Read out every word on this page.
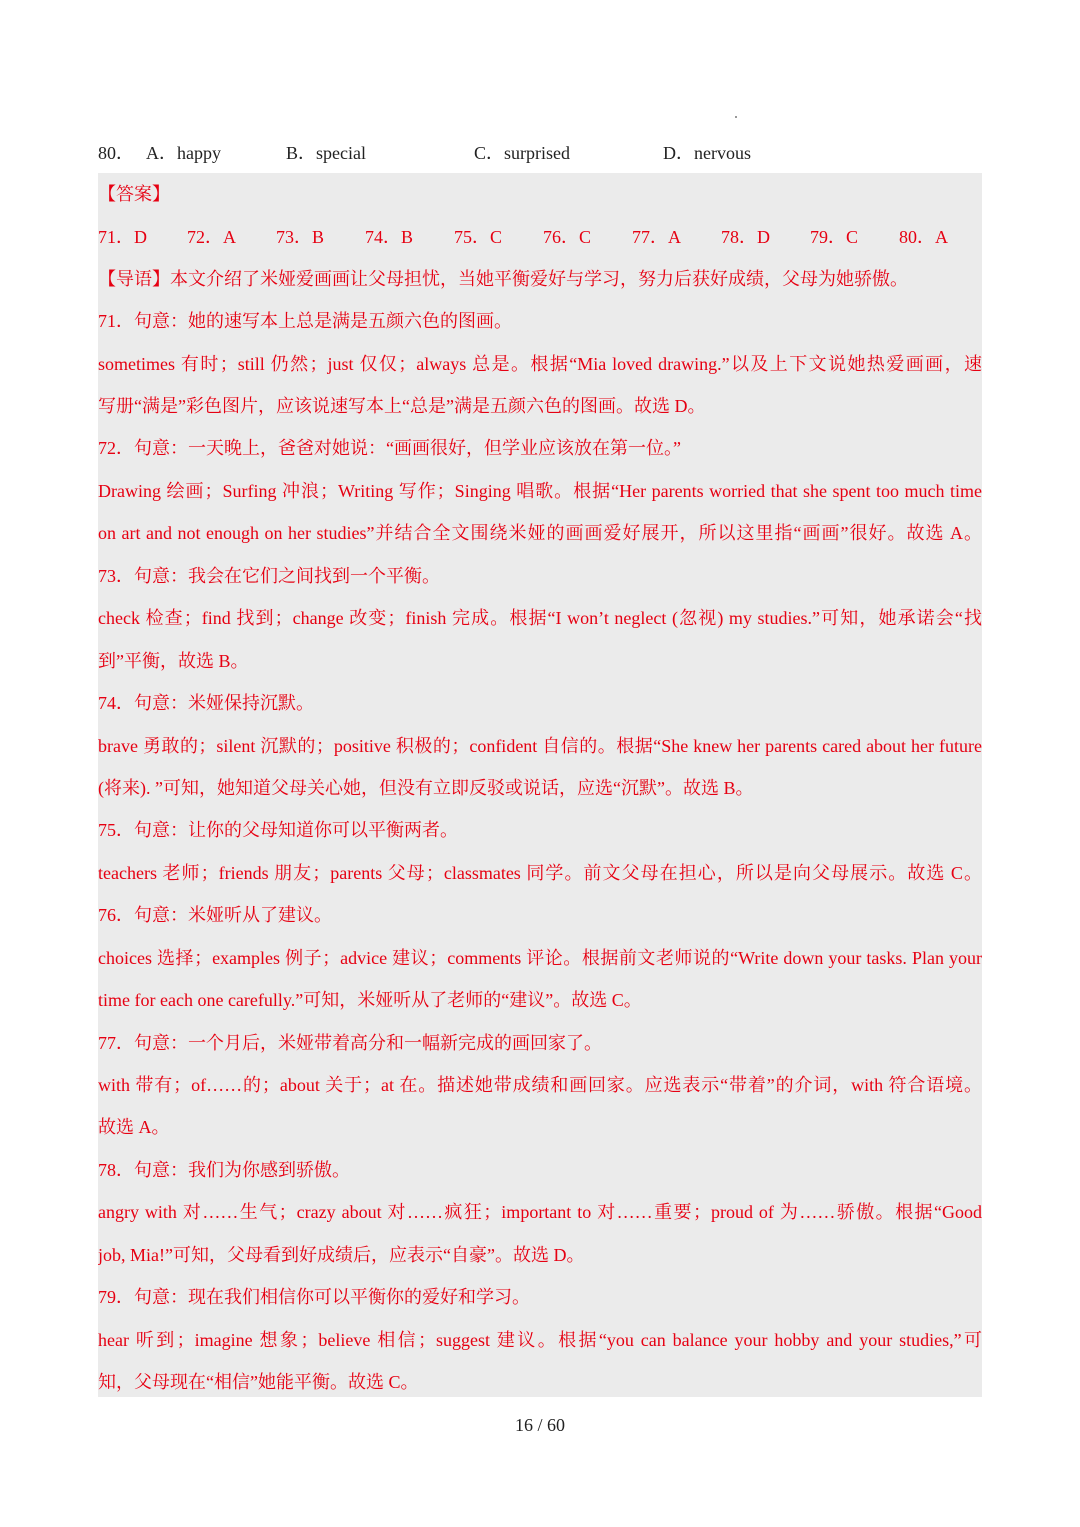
80． A．happy	B．special	C．surprised	D．nervous
【答案】
71．D 72．A 73．B 74．B 75．C 76．C 77．A 78．D 79．C 80．A
【导语】本文介绍了米娅爱画画让父母担忧，当她平衡爱好与学习，努力后获好成绩，父母为她骄傲。
71．句意：她的速写本上总是满是五颜六色的图画。
sometimes 有时；still 仍然；just 仅仅；always 总是。根据“Mia loved drawing.”以及上下文说她热爱画画，速
写册“满是”彩色图片，应该说速写本上“总是”满是五颜六色的图画。故选 D。
72．句意：一天晚上，爸爸对她说：“画画很好，但学业应该放在第一位。”
Drawing 绘画；Surfing 冲浪；Writing 写作；Singing 唱歌。根据“Her parents worried that she spent too much time
on art and not enough on her studies”并结合全文围绕米娅的画画爱好展开，所以这里指“画画”很好。故选 A。
73．句意：我会在它们之间找到一个平衡。
check 检查；find 找到；change 改变；finish 完成。根据“I won’t neglect (忽视) my studies.”可知，她承诺会“找
到”平衡，故选 B。
74．句意：米娅保持沉默。
brave 勇敢的；silent 沉默的；positive 积极的；confident 自信的。根据“She knew her parents cared about her future
(将来). ”可知，她知道父母关心她，但没有立即反驳或说话，应选“沉默”。故选 B。
75．句意：让你的父母知道你可以平衡两者。
teachers 老师；friends 朋友；parents 父母；classmates 同学。前文父母在担心，所以是向父母展示。故选 C。
76．句意：米娅听从了建议。
choices 选择；examples 例子；advice 建议；comments 评论。根据前文老师说的“Write down your tasks. Plan your
time for each one carefully.”可知，米娅听从了老师的“建议”。故选 C。
77．句意：一个月后，米娅带着高分和一幅新完成的画回家了。
with 带有；of……的；about 关于；at 在。描述她带成绩和画回家。应选表示“带着”的介词，with 符合语境。
故选 A。
78．句意：我们为你感到骄傲。
angry with 对……生气；crazy about 对……疯狂；important to 对……重要；proud of 为……骄傲。根据“Good
job, Mia!”可知，父母看到好成绩后，应表示“自豪”。故选 D。
79．句意：现在我们相信你可以平衡你的爱好和学习。
hear 听到；imagine 想象；believe 相信；suggest 建议。根据“you can balance your hobby and your studies,”可
知，父母现在“相信”她能平衡。故选 C。
16 / 60
